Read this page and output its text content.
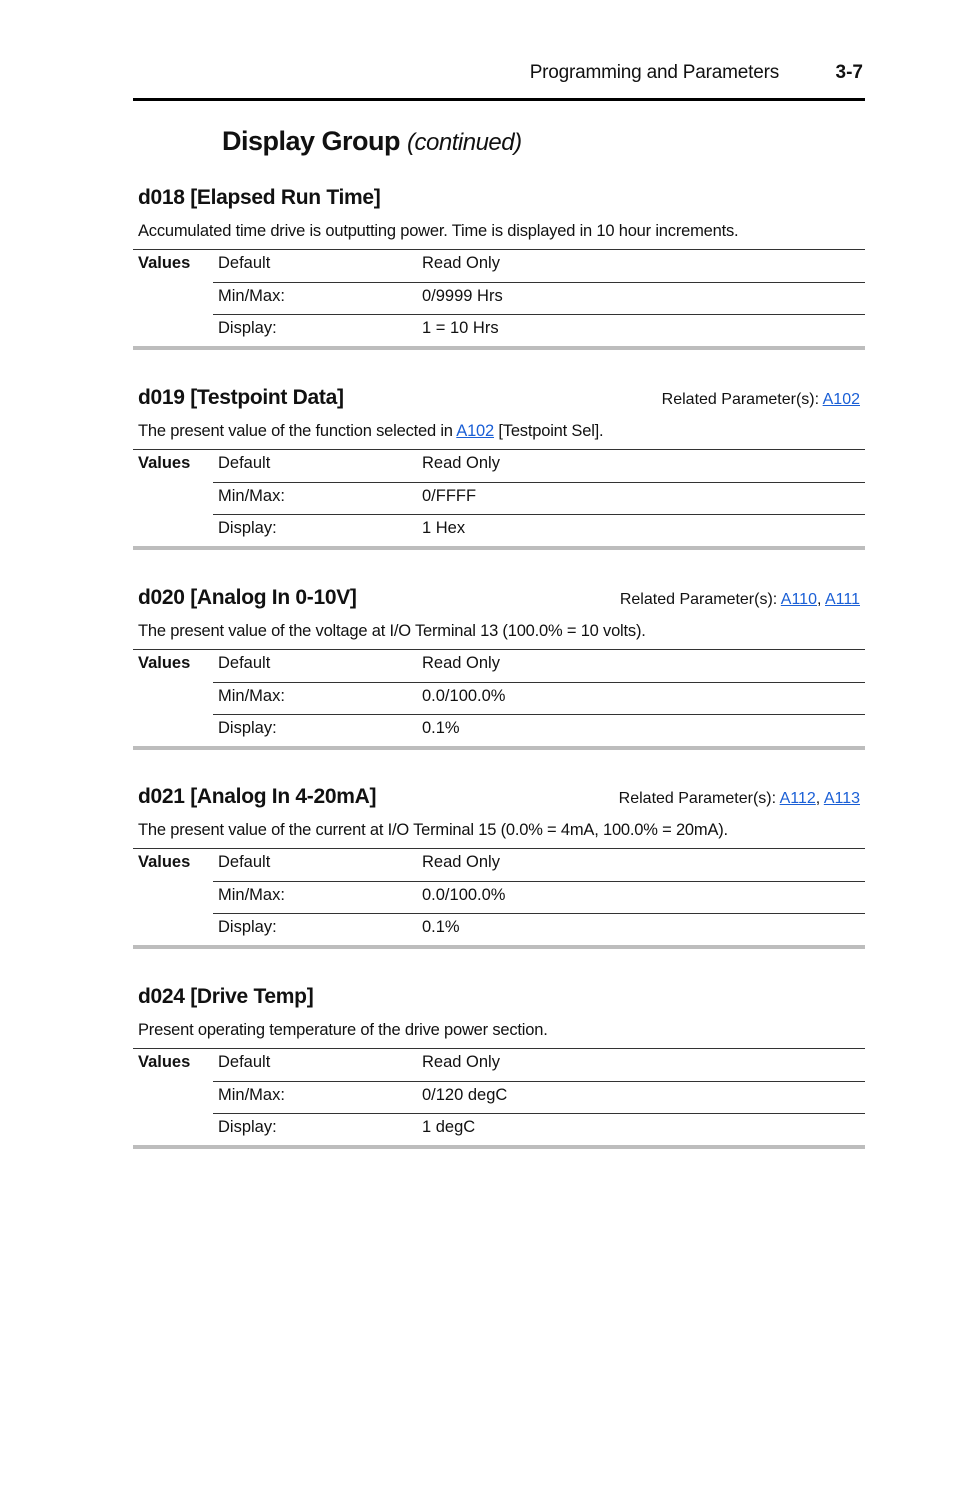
Programming and Parameters	3-7
Display Group (continued)
d018 [Elapsed Run Time]
Accumulated time drive is outputting power. Time is displayed in 10 hour increments.
Values Default	Read Only
Min/Max:	0/9999 Hrs
Display:	1 = 10 Hrs
d019 [Testpoint Data]	Related Parameter(s): A102
The present value of the function selected in A102 [Testpoint Sel].
Values Default	Read Only
Min/Max:	0/FFFF
Display:	1 Hex
d020 [Analog In 0-10V]	Related Parameter(s): A110, A111
The present value of the voltage at I/O Terminal 13 (100.0% = 10 volts).
Values Default	Read Only
Min/Max:	0.0/100.0%
Display:	0.1%
d021 [Analog In 4-20mA]	Related Parameter(s): A112, A113
The present value of the current at I/O Terminal 15 (0.0% = 4mA, 100.0% = 20mA).
Values Default	Read Only
Min/Max:	0.0/100.0%
Display:	0.1%
d024 [Drive Temp]
Present operating temperature of the drive power section.
Values Default	Read Only
Min/Max:	0/120 degC
Display:	1 degC
